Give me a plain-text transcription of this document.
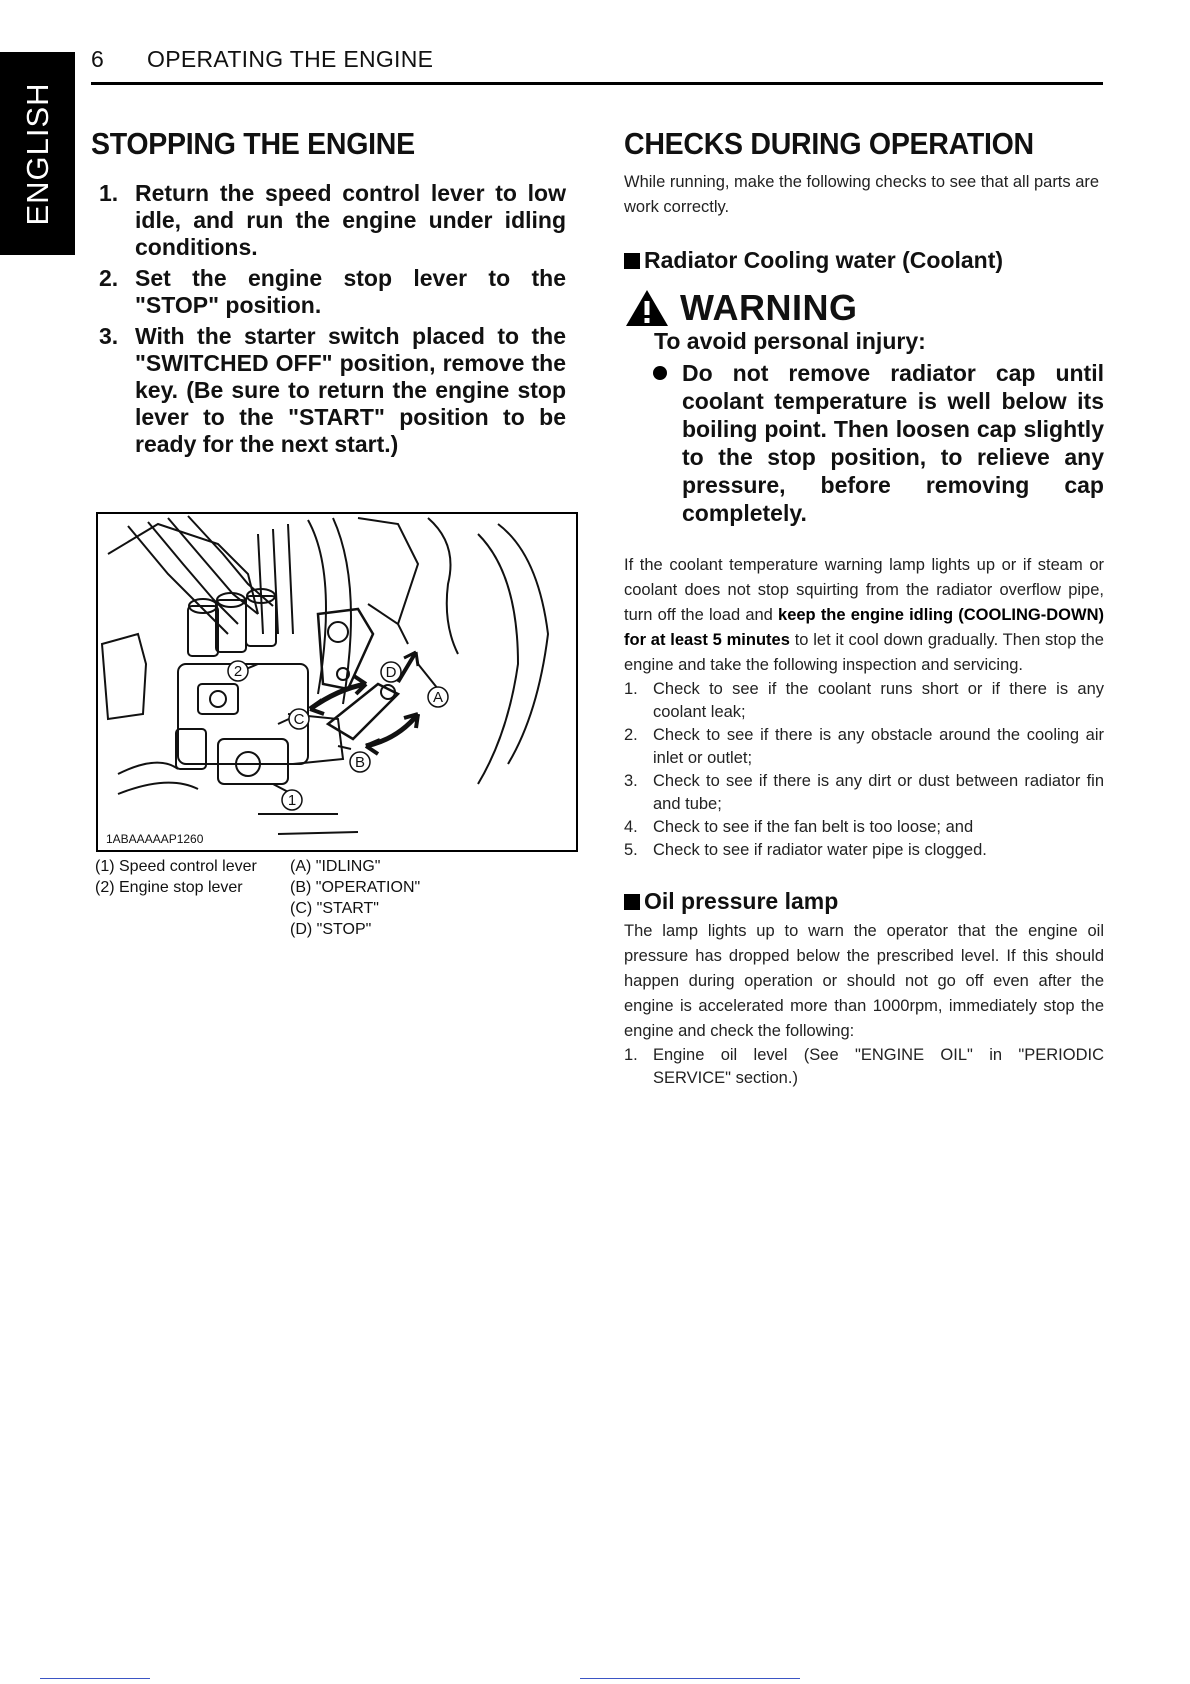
ENGLISH
6 OPERATING THE ENGINE
STOPPING THE ENGINE
1. Return the speed control lever to low idle, and run the engine under idling conditions.
2. Set the engine stop lever to the "STOP" position.
3. With the starter switch placed to the "SWITCHED OFF" position, remove the key. (Be sure to return the engine stop lever to the "START" position to be ready for the next start.)
2
1
D
A
C
B
1ABAAAAAP1260
(1) Speed control lever
(2) Engine stop lever
(A) "IDLING"
(B) "OPERATION"
(C) "START"
(D) "STOP"
CHECKS DURING OPERATION

While running, make the following checks to see that all parts are work correctly.

Radiator Cooling water (Coolant)
WARNING
To avoid personal injury:
Do not remove radiator cap until coolant temperature is well below its boiling point. Then loosen cap slightly to the stop position, to relieve any pressure, before removing cap completely.

If the coolant temperature warning lamp lights up or if steam or coolant does not stop squirting from the radiator overflow pipe, turn off the load and keep the engine idling (COOLING-DOWN) for at least 5 minutes to let it cool down gradually. Then stop the engine and take the following inspection and servicing.

1. Check to see if the coolant runs short or if there is any coolant leak;
2. Check to see if there is any obstacle around the cooling air inlet or outlet;
3. Check to see if there is any dirt or dust between radiator fin and tube;
4. Check to see if the fan belt is too loose; and
5. Check to see if radiator water pipe is clogged.
Oil pressure lamp

The lamp lights up to warn the operator that the engine oil pressure has dropped below the prescribed level. If this should happen during operation or should not go off even after the engine is accelerated more than 1000rpm, immediately stop the engine and check the following:

1. Engine oil level (See "ENGINE OIL" in "PERIODIC SERVICE" section.)
